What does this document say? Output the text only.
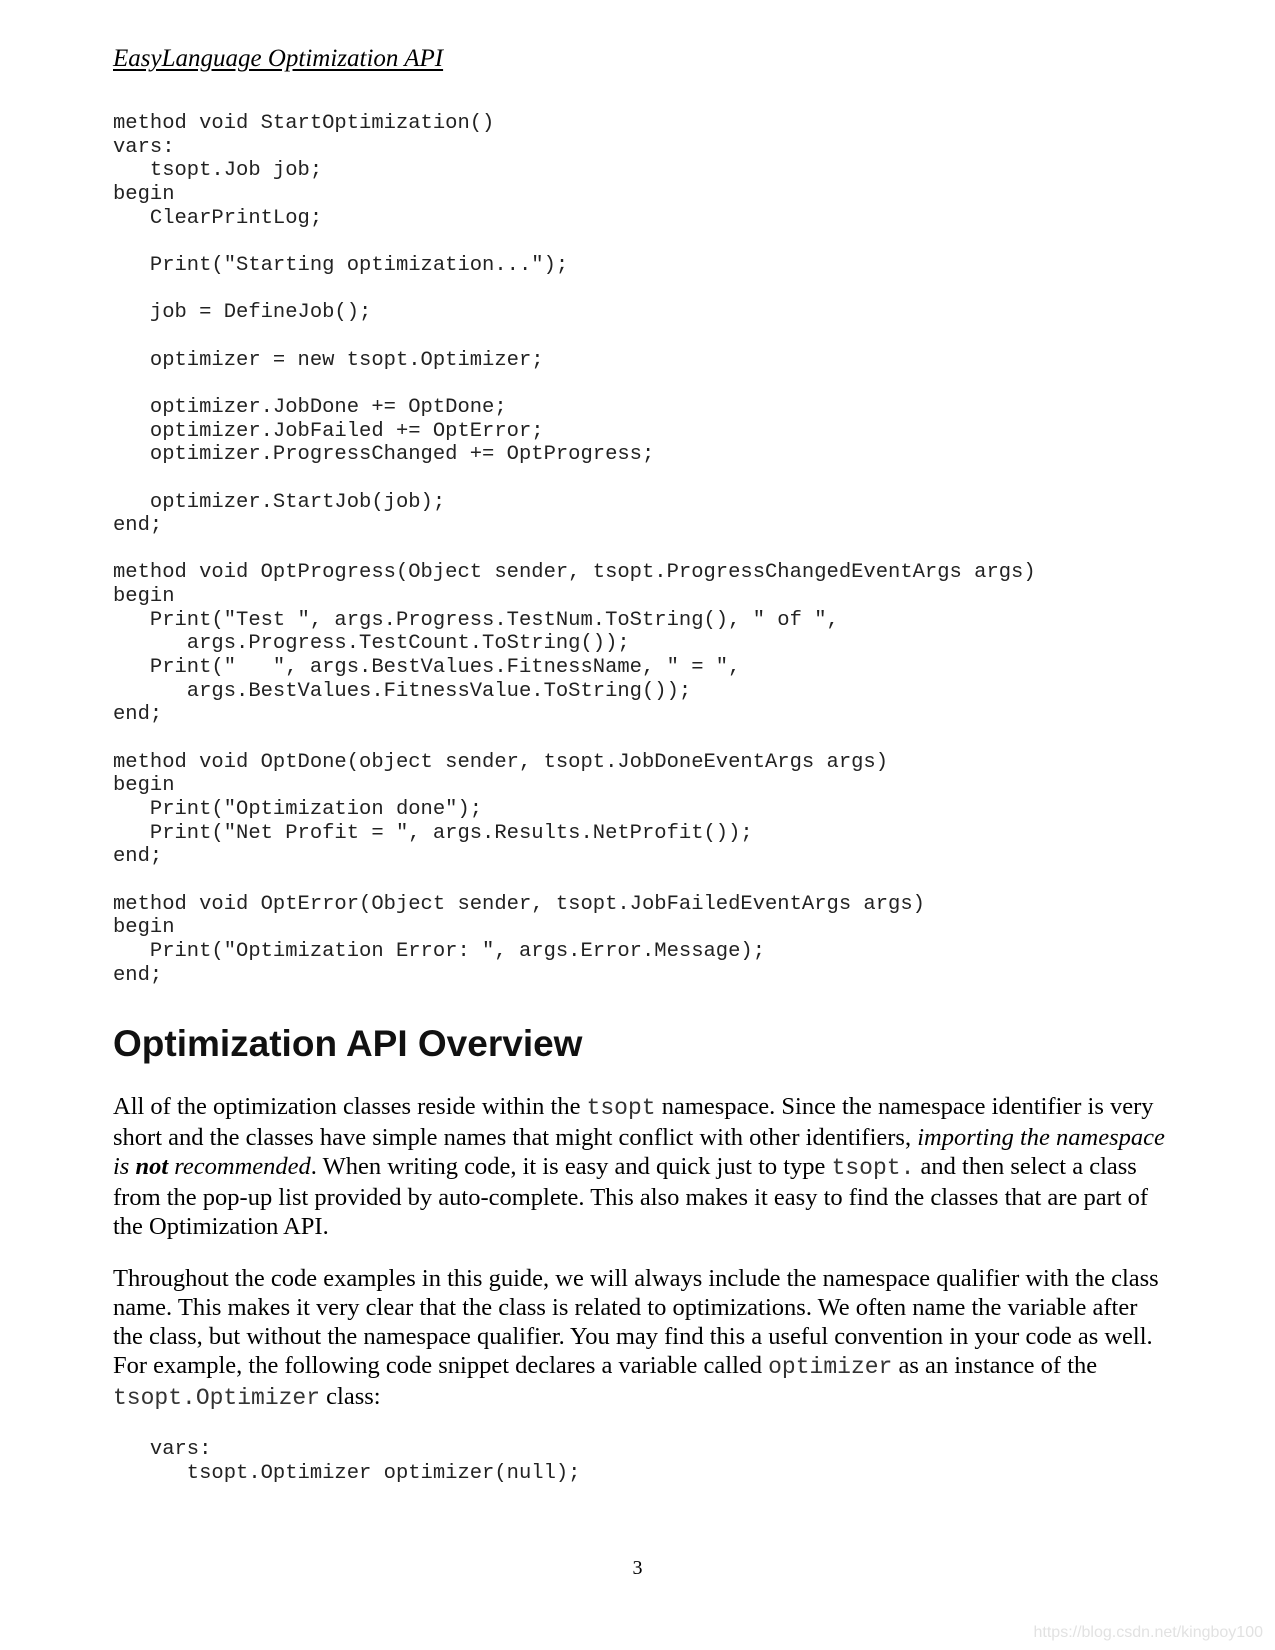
EasyLanguage Optimization API
method void StartOptimization()
vars:
tsopt.Job job;
begin
ClearPrintLog;

Print("Starting optimization...");

job = DefineJob();

optimizer = new tsopt.Optimizer;

optimizer.JobDone += OptDone;
optimizer.JobFailed += OptError;
optimizer.ProgressChanged += OptProgress;

optimizer.StartJob(job);
end;

method void OptProgress(Object sender, tsopt.ProgressChangedEventArgs args)
begin
Print("Test ", args.Progress.TestNum.ToString(), " of ",
args.Progress.TestCount.ToString());
Print("   ", args.BestValues.FitnessName, " = ",
args.BestValues.FitnessValue.ToString());
end;

method void OptDone(object sender, tsopt.JobDoneEventArgs args)
begin
Print("Optimization done");
Print("Net Profit = ", args.Results.NetProfit());
end;

method void OptError(Object sender, tsopt.JobFailedEventArgs args)
begin
Print("Optimization Error: ", args.Error.Message);
end;
Optimization API Overview

All of the optimization classes reside within the tsopt namespace. Since the namespace identifier is very short and the classes have simple names that might conflict with other identifiers, importing the namespace is not recommended. When writing code, it is easy and quick just to type tsopt. and then select a class from the pop-up list provided by auto-complete. This also makes it easy to find the classes that are part of the Optimization API.

Throughout the code examples in this guide, we will always include the namespace qualifier with the class name. This makes it very clear that the class is related to optimizations. We often name the variable after the class, but without the namespace qualifier. You may find this a useful convention in your code as well. For example, the following code snippet declares a variable called optimizer as an instance of the tsopt.Optimizer class:

vars:
tsopt.Optimizer optimizer(null);
3
https://blog.csdn.net/kingboy100
